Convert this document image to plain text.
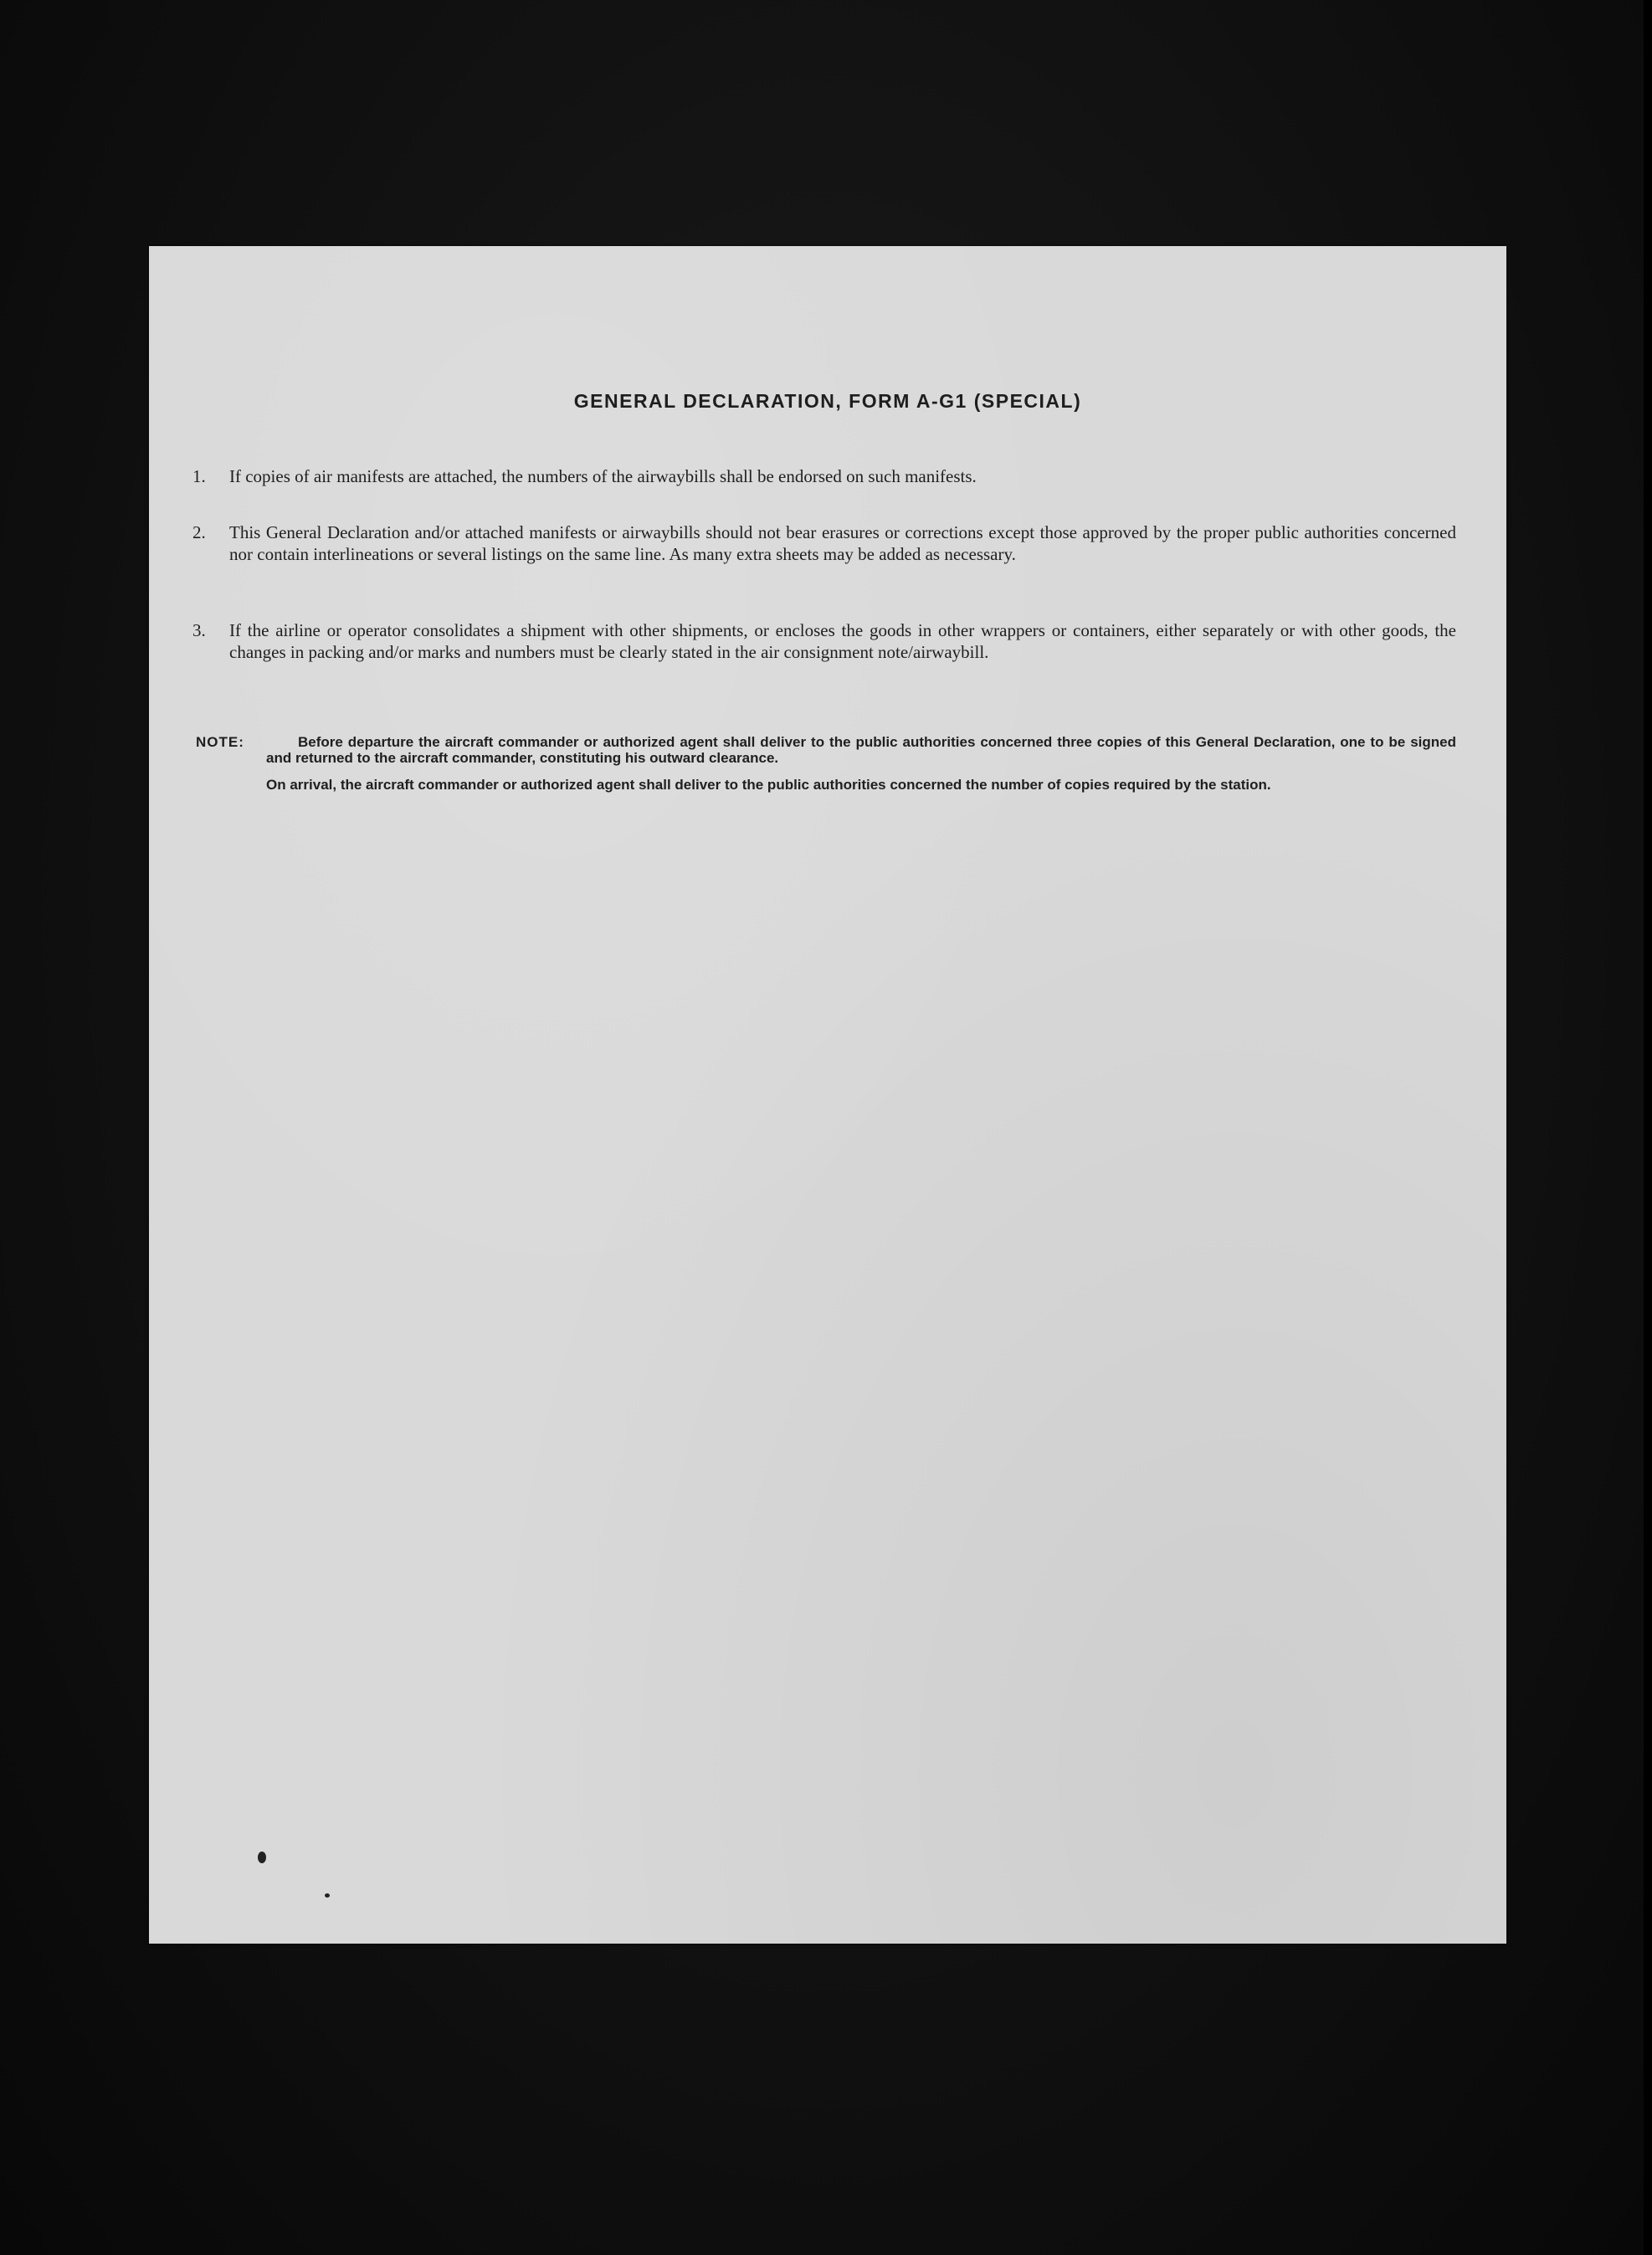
GENERAL DECLARATION, FORM A-G1 (SPECIAL)
1.	If copies of air manifests are attached, the numbers of the airwaybills shall be endorsed on such manifests.
2.	This General Declaration and/or attached manifests or airwaybills should not bear erasures or corrections except those approved by the proper public authorities concerned nor contain interlineations or several listings on the same line. As many extra sheets may be added as necessary.
3.	If the airline or operator consolidates a shipment with other shipments, or encloses the goods in other wrappers or containers, either separately or with other goods, the changes in packing and/or marks and numbers must be clearly stated in the air consignment note/airwaybill.
NOTE:	Before departure the aircraft commander or authorized agent shall deliver to the public authorities concerned three copies of this General Declaration, one to be signed and returned to the aircraft commander, constituting his outward clearance.
On arrival, the aircraft commander or authorized agent shall deliver to the public authorities concerned the number of copies required by the station.
